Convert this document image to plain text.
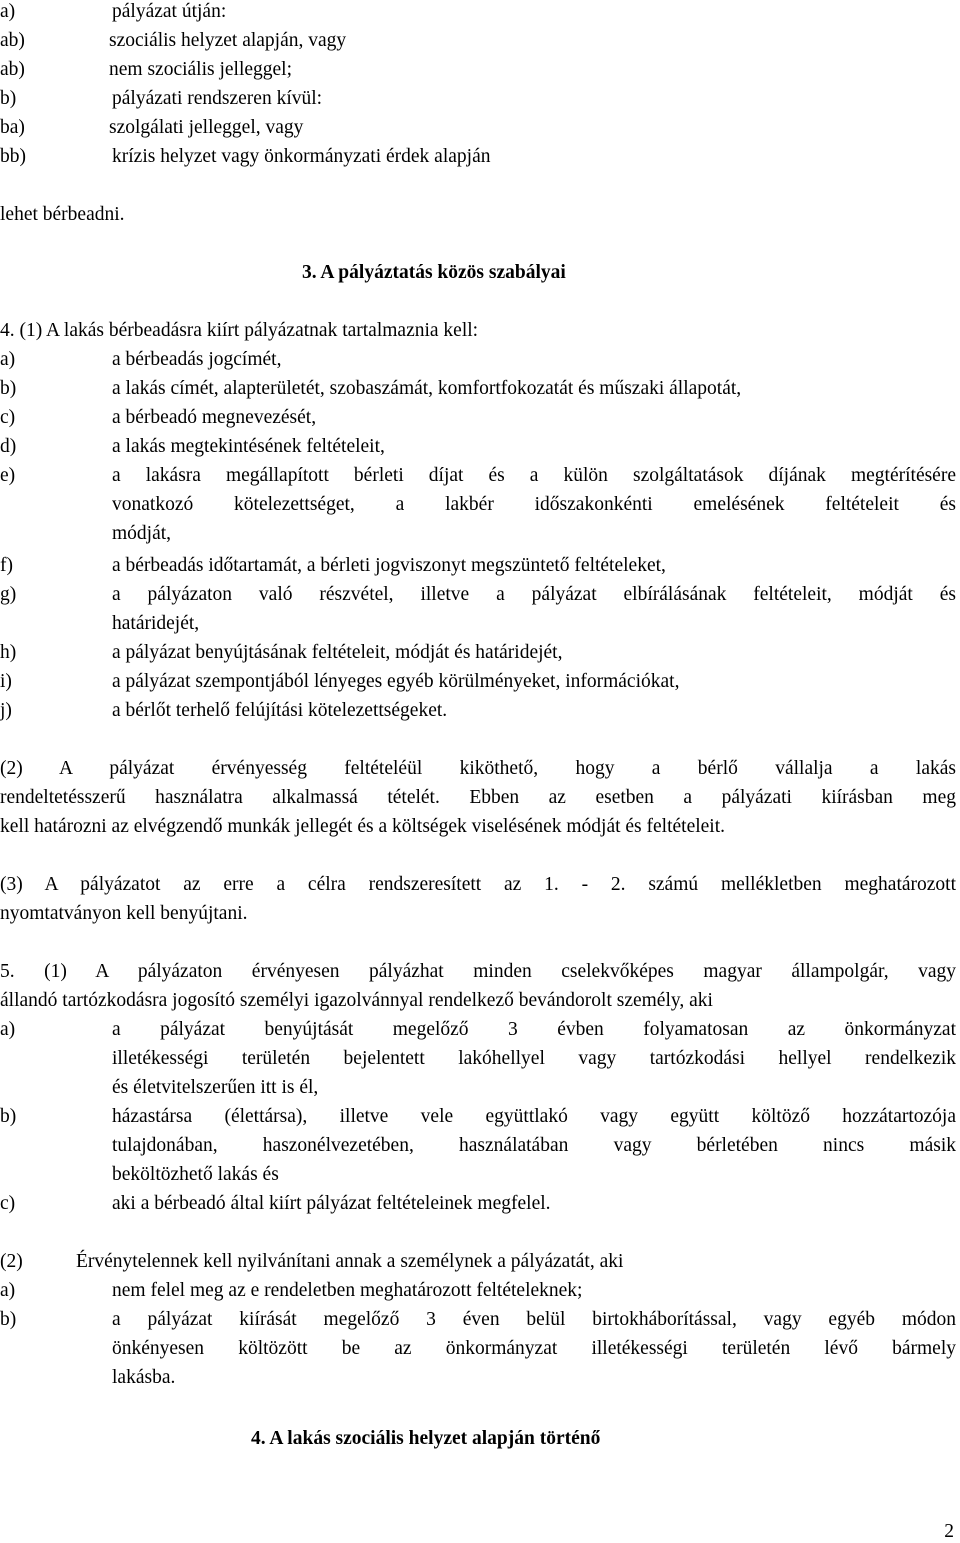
a)	pályázat útján:
ab)	szociális helyzet alapján, vagy
ab)	nem szociális jelleggel;
b)	pályázati rendszeren kívül:
ba)	szolgálati jelleggel, vagy
bb)	krízis helyzet vagy önkormányzati érdek alapján
lehet bérbeadni.
3. A pályáztatás közös szabályai
4. (1) A lakás bérbeadásra kiírt pályázatnak tartalmaznia kell:
a)	a bérbeadás jogcímét,
b)	a lakás címét, alapterületét, szobaszámát, komfortfokozatát és műszaki állapotát,
c)	a bérbeadó megnevezését,
d)	a lakás megtekintésének feltételeit,
e)	a lakásra megállapított bérleti díjat és a külön szolgáltatások díjának megtérítésére
vonatkozó kötelezettséget, a lakbér időszakonkénti emelésének feltételeit és
módját,
f)	a bérbeadás időtartamát, a bérleti jogviszonyt megszüntető feltételeket,
g)	a pályázaton való részvétel, illetve a pályázat elbírálásának feltételeit, módját és
határidejét,
h)	a pályázat benyújtásának feltételeit, módját és határidejét,
i)	a pályázat szempontjából lényeges egyéb körülményeket, információkat,
j)	a bérlőt terhelő felújítási kötelezettségeket.
(2) A pályázat érvényesség feltételéül kiköthető, hogy a bérlő vállalja a lakás
rendeltetésszerű használatra alkalmassá tételét. Ebben az esetben a pályázati kiírásban meg
kell határozni az elvégzendő munkák jellegét és a költségek viselésének módját és feltételeit.
(3) A pályázatot az erre a célra rendszeresített az 1. - 2. számú mellékletben meghatározott
nyomtatványon kell benyújtani.
5. (1) A pályázaton érvényesen pályázhat minden cselekvőképes magyar állampolgár, vagy
állandó tartózkodásra jogosító személyi igazolvánnyal rendelkező bevándorolt személy, aki
a)	a pályázat benyújtását megelőző 3 évben folyamatosan az önkormányzat
illetékességi területén bejelentett lakóhellyel vagy tartózkodási hellyel rendelkezik
és életvitelszerűen itt is él,
b)	házastársa (élettársa), illetve vele együttlakó vagy együtt költöző hozzátartozója
tulajdonában, haszonélvezetében, használatában vagy bérletében nincs másik
beköltözhető lakás és
c)	aki a bérbeadó által kiírt pályázat feltételeinek megfelel.
(2)	Érvénytelennek kell nyilvánítani annak a személynek a pályázatát, aki
a)	nem felel meg az e rendeletben meghatározott feltételeknek;
b)	a pályázat kiírását megelőző 3 éven belül birtokháborítással, vagy egyéb módon
önkényesen költözött be az önkormányzat illetékességi területén lévő bármely
lakásba.
4. A lakás szociális helyzet alapján történő
2
